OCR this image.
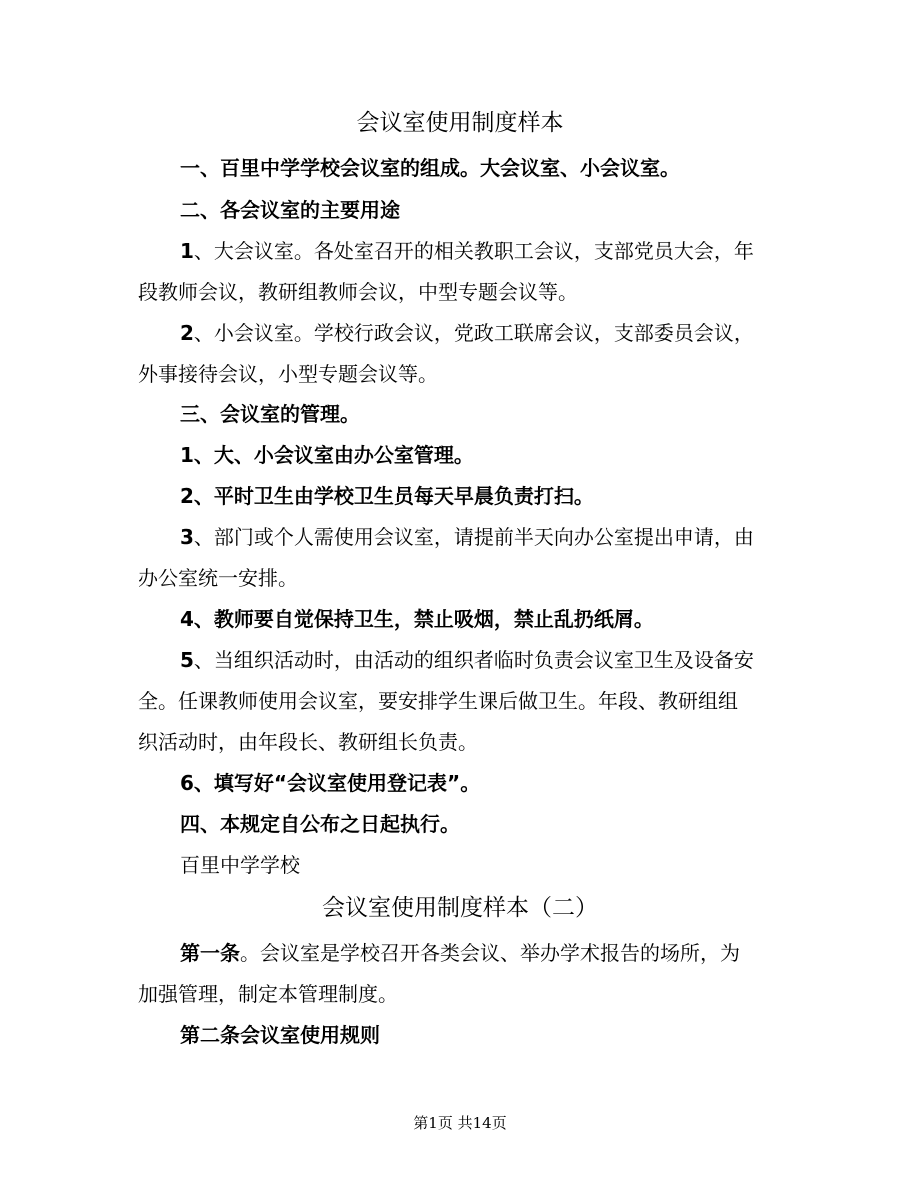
会议室使用制度样本
一、百里中学学校会议室的组成。大会议室、小会议室。
二、各会议室的主要用途
1、大会议室。各处室召开的相关教职工会议，支部党员大会，年
段教师会议，教研组教师会议，中型专题会议等。
2、小会议室。学校行政会议，党政工联席会议，支部委员会议，
外事接待会议，小型专题会议等。
三、会议室的管理。
1、大、小会议室由办公室管理。
2、平时卫生由学校卫生员每天早晨负责打扫。
3、部门或个人需使用会议室，请提前半天向办公室提出申请，由
办公室统一安排。
4、教师要自觉保持卫生，禁止吸烟，禁止乱扔纸屑。
5、当组织活动时，由活动的组织者临时负责会议室卫生及设备安
全。任课教师使用会议室，要安排学生课后做卫生。年段、教研组组
织活动时，由年段长、教研组长负责。
6、填写好“会议室使用登记表”。
四、本规定自公布之日起执行。
百里中学学校
会议室使用制度样本（二）
第一条。会议室是学校召开各类会议、举办学术报告的场所，为
加强管理，制定本管理制度。
第二条会议室使用规则
第1页 共14页
